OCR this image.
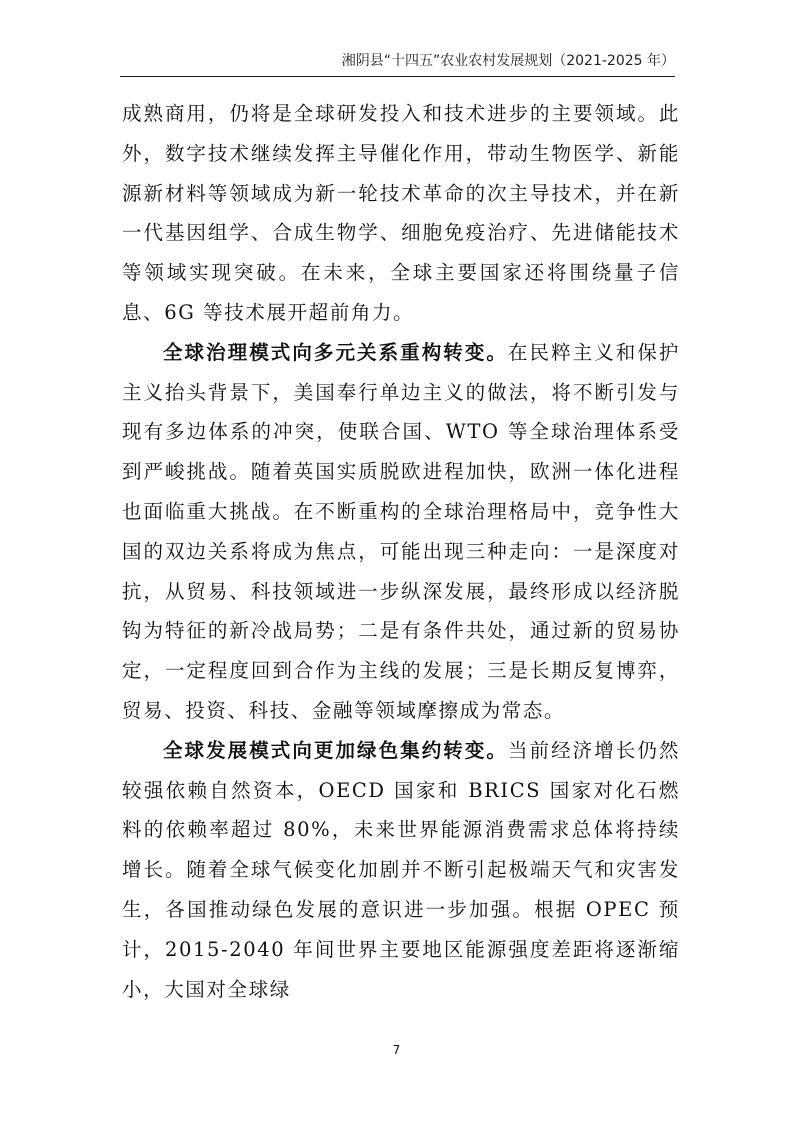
湘阴县“十四五”农业农村发展规划（2021-2025 年）

成熟商用，仍将是全球研发投入和技术进步的主要领域。此外，数字技术继续发挥主导催化作用，带动生物医学、新能源新材料等领域成为新一轮技术革命的次主导技术，并在新一代基因组学、合成生物学、细胞免疫治疗、先进储能技术等领域实现突破。在未来，全球主要国家还将围绕量子信息、6G 等技术展开超前角力。

全球治理模式向多元关系重构转变。在民粹主义和保护主义抬头背景下，美国奉行单边主义的做法，将不断引发与现有多边体系的冲突，使联合国、WTO 等全球治理体系受到严峻挑战。随着英国实质脱欧进程加快，欧洲一体化进程也面临重大挑战。在不断重构的全球治理格局中，竞争性大国的双边关系将成为焦点，可能出现三种走向：一是深度对抗，从贸易、科技领域进一步纵深发展，最终形成以经济脱钩为特征的新冷战局势；二是有条件共处，通过新的贸易协定，一定程度回到合作为主线的发展；三是长期反复博弈，贸易、投资、科技、金融等领域摩擦成为常态。

全球发展模式向更加绿色集约转变。当前经济增长仍然较强依赖自然资本，OECD 国家和 BRICS 国家对化石燃料的依赖率超过 80%，未来世界能源消费需求总体将持续增长。随着全球气候变化加剧并不断引起极端天气和灾害发生，各国推动绿色发展的意识进一步加强。根据 OPEC 预计，2015-2040 年间世界主要地区能源强度差距将逐渐缩小，大国对全球绿

7
